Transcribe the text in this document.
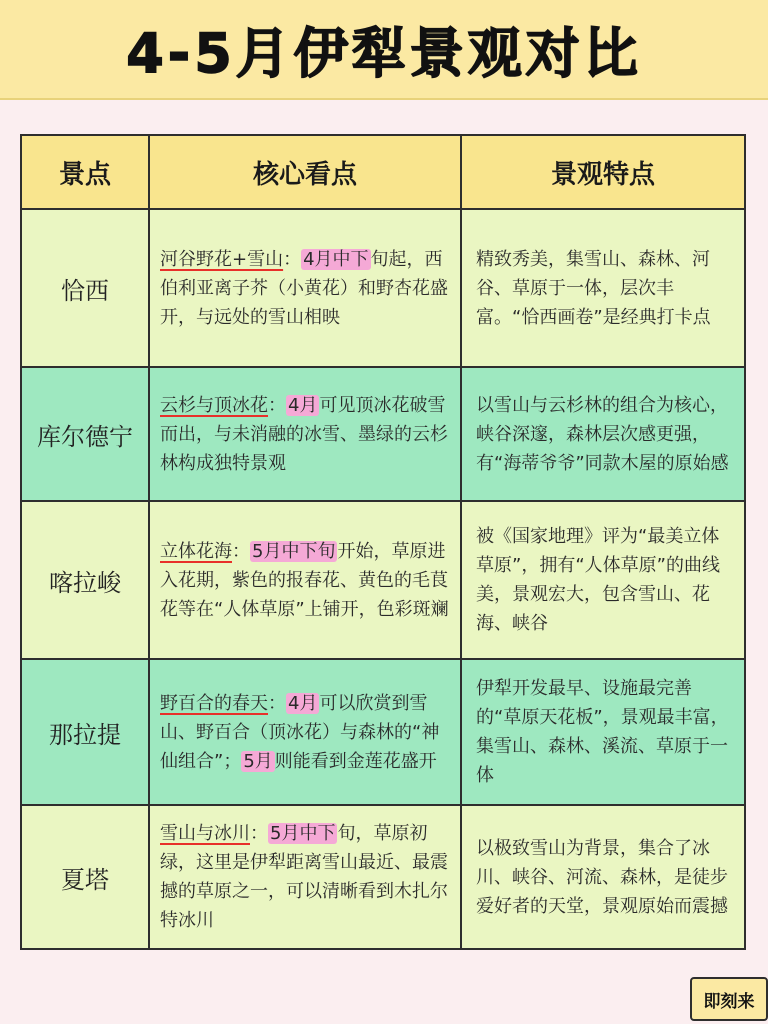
4-5月伊犁景观对比
景点	核心看点	景观特点
恰西	河谷野花+雪山： 4月中下 旬起，西伯利亚离子芥（小黄花）和野杏花盛开，与远处的雪山相映	精致秀美，集雪山、森林、河谷、草原于一体，层次丰富。“恰西画卷”是经典打卡点
库尔德宁	云杉与顶冰花： 4月 可见顶冰花破雪而出，与未消融的冰雪、墨绿的云杉林构成独特景观	以雪山与云杉林的组合为核心，峡谷深邃，森林层次感更强，有“海蒂爷爷”同款木屋的原始感
喀拉峻	立体花海： 5月中下旬 开始，草原进入花期，紫色的报春花、黄色的毛茛花等在“人体草原”上铺开，色彩斑斓	被《国家地理》评为“最美立体草原”，拥有“人体草原”的曲线美，景观宏大，包含雪山、花海、峡谷
那拉提	野百合的春天： 4月 可以欣赏到雪山、野百合（顶冰花）与森林的“神仙组合”； 5月 则能看到金莲花盛开	伊犁开发最早、设施最完善的“草原天花板”，景观最丰富，集雪山、森林、溪流、草原于一体
夏塔	雪山与冰川： 5月中下 旬，草原初绿，这里是伊犁距离雪山最近、最震撼的草原之一，可以清晰看到木扎尔特冰川	以极致雪山为背景，集合了冰川、峡谷、河流、森林，是徒步爱好者的天堂，景观原始而震撼
即刻来
